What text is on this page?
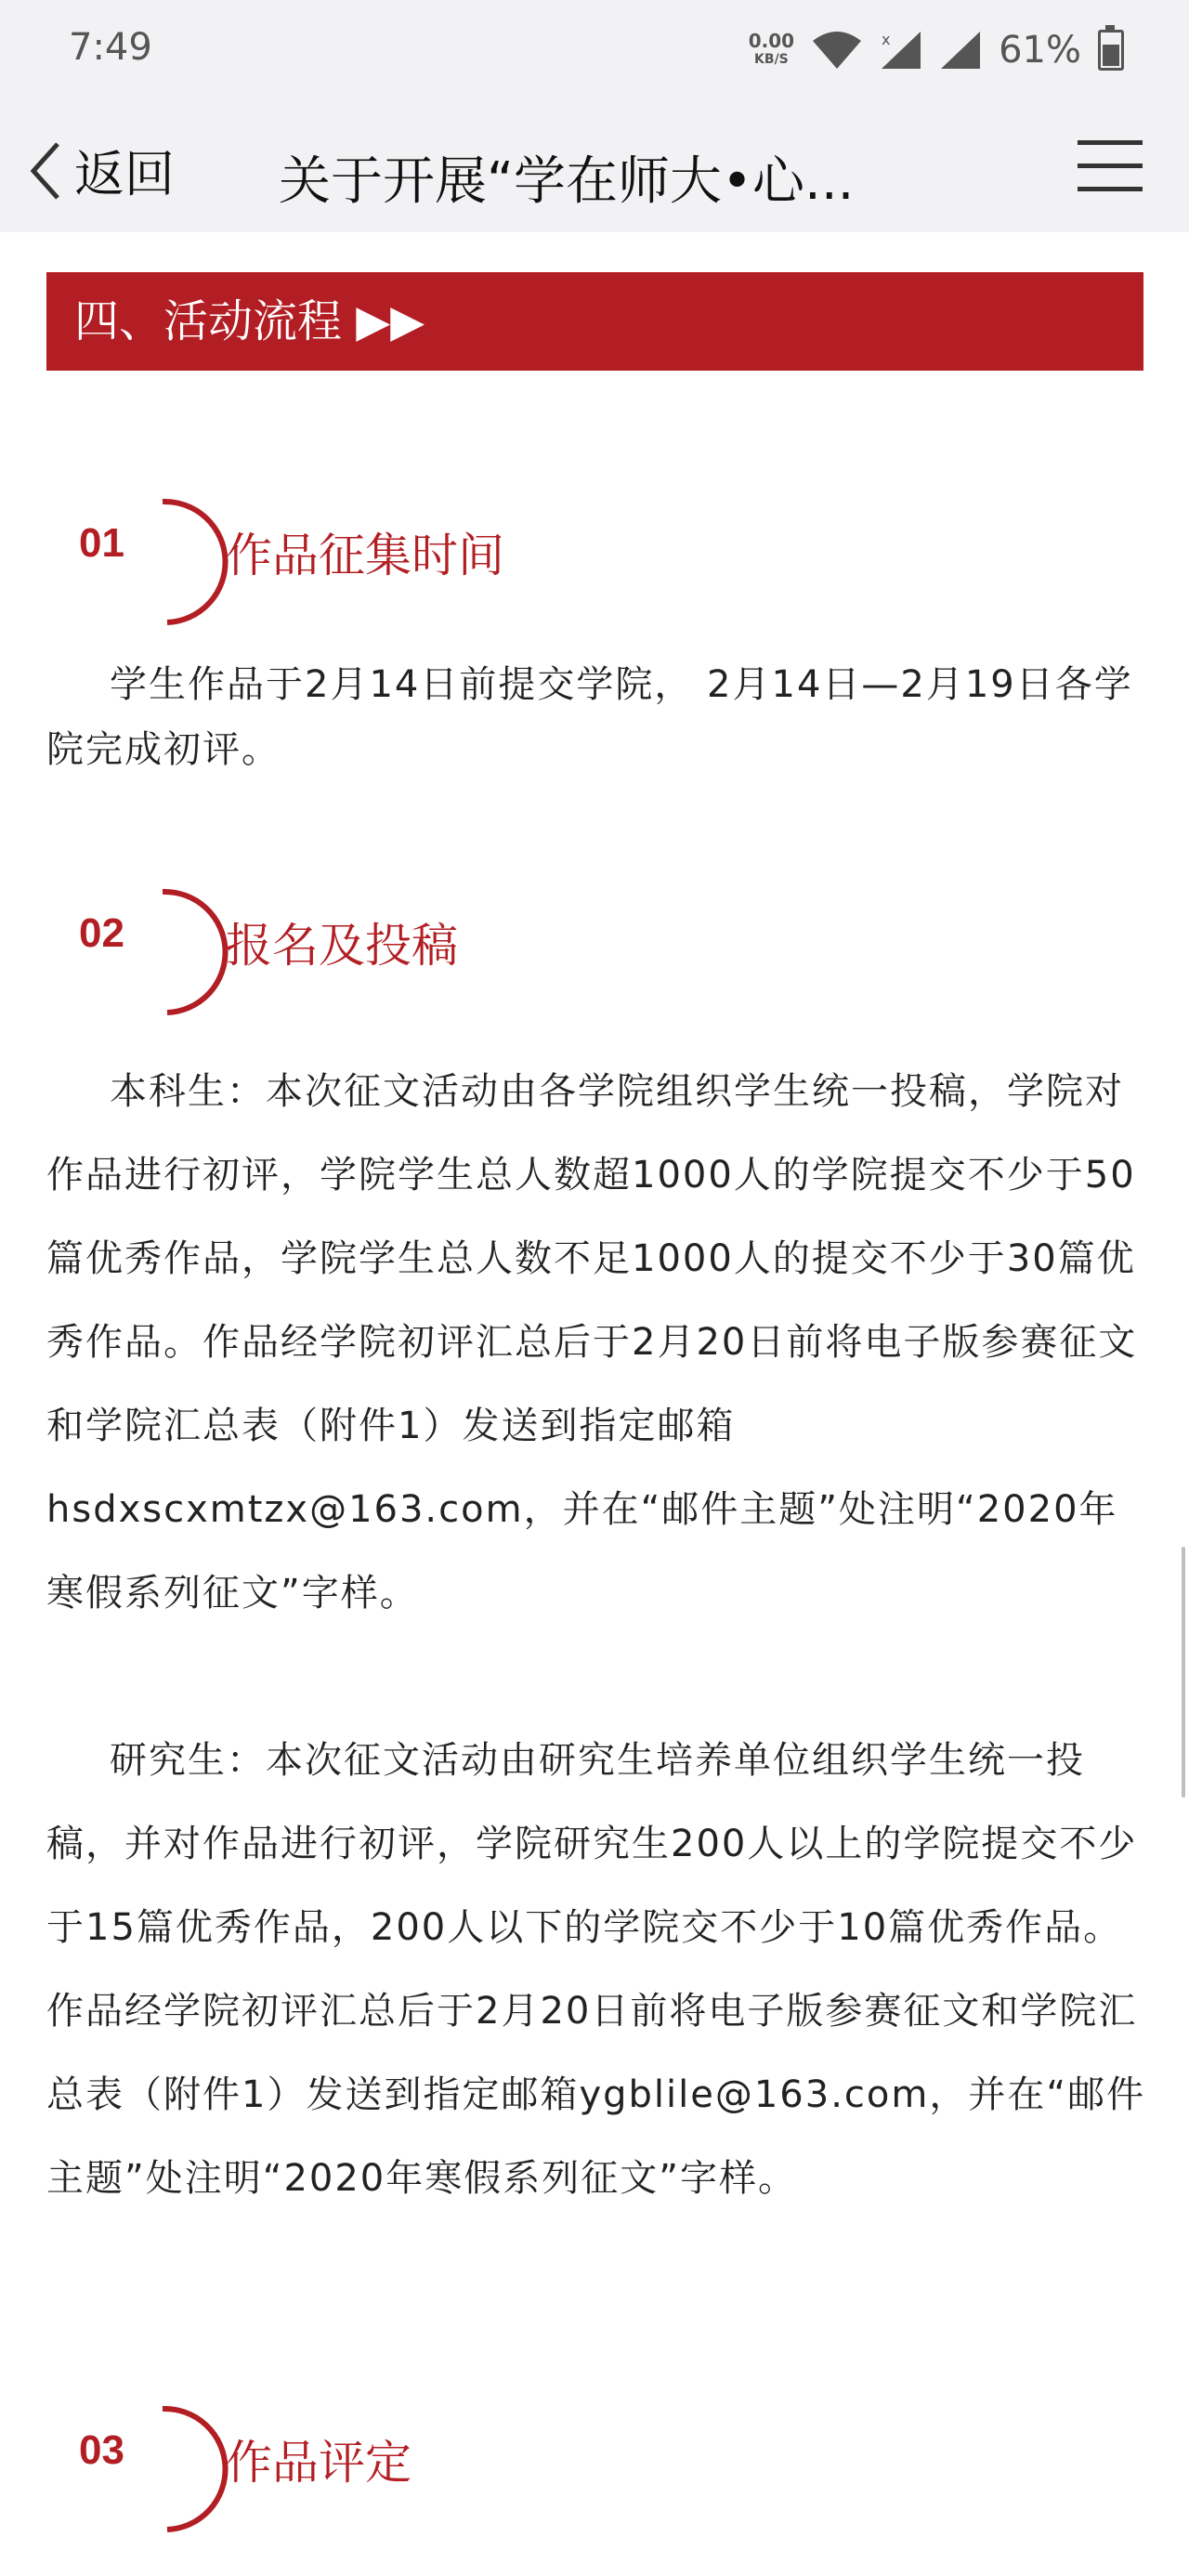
7:49	0.00
KB/S
x	61%
返回 关于开展“学在师大•心...
四、活动流程 ▶▶
01 作品征集时间

学生作品于2月14日前提交学院， 2月14日—2月19日各学院完成初评。

02 报名及投稿

本科生：本次征文活动由各学院组织学生统一投稿，学院对作品进行初评，学院学生总人数超1000人的学院提交不少于50篇优秀作品，学院学生总人数不足1000人的提交不少于30篇优秀作品。作品经学院初评汇总后于2月20日前将电子版参赛征文和学院汇总表（附件1）发送到指定邮箱hsdxscxmtzx@163.com，并在“邮件主题”处注明“2020年寒假系列征文”字样。

研究生：本次征文活动由研究生培养单位组织学生统一投稿，并对作品进行初评，学院研究生200人以上的学院提交不少于15篇优秀作品，200人以下的学院交不少于10篇优秀作品。作品经学院初评汇总后于2月20日前将电子版参赛征文和学院汇总表（附件1）发送到指定邮箱ygblile@163.com，并在“邮件主题”处注明“2020年寒假系列征文”字样。

03 作品评定
